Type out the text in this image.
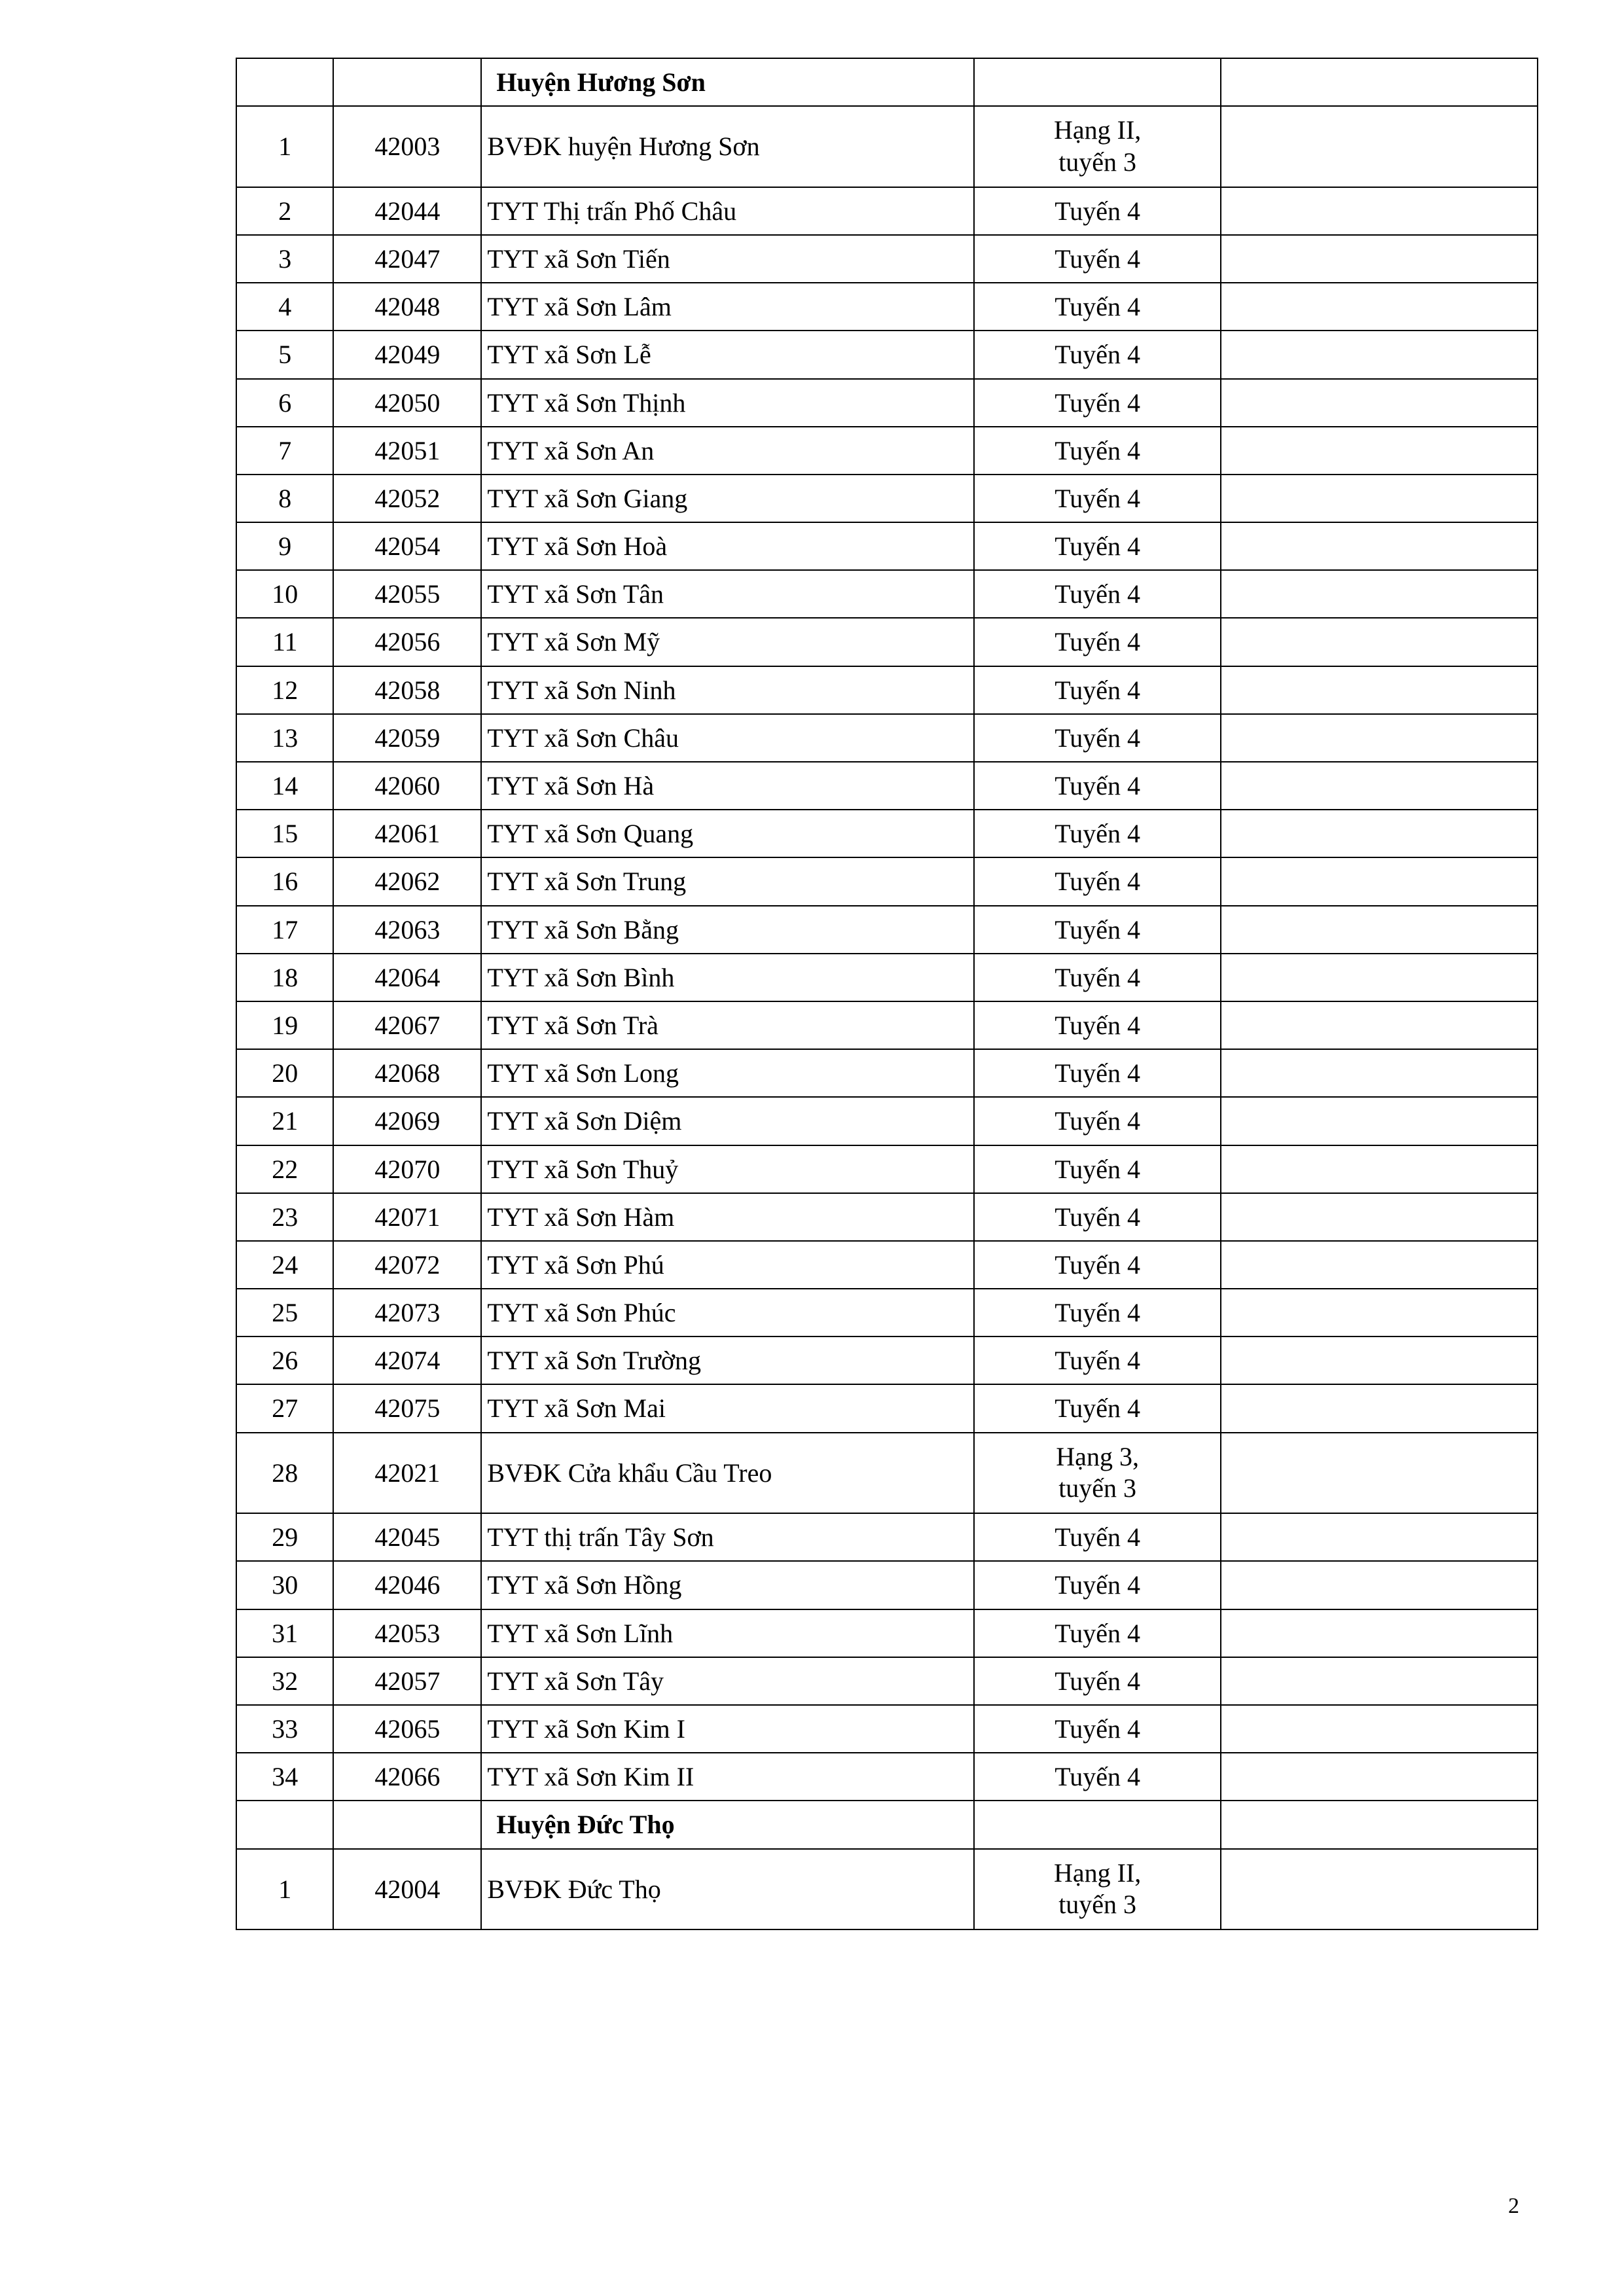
		Huyện Hương Sơn		
1	42003	BVĐK huyện Hương Sơn	Hạng II,
tuyến 3	
2	42044	TYT Thị trấn Phố Châu	Tuyến 4	
3	42047	TYT xã Sơn Tiến	Tuyến 4	
4	42048	TYT xã Sơn Lâm	Tuyến 4	
5	42049	TYT xã Sơn Lễ	Tuyến 4	
6	42050	TYT xã Sơn Thịnh	Tuyến 4	
7	42051	TYT xã Sơn An	Tuyến 4	
8	42052	TYT xã Sơn Giang	Tuyến 4	
9	42054	TYT xã Sơn Hoà	Tuyến 4	
10	42055	TYT xã Sơn Tân	Tuyến 4	
11	42056	TYT xã Sơn Mỹ	Tuyến 4	
12	42058	TYT xã Sơn Ninh	Tuyến 4	
13	42059	TYT xã Sơn Châu	Tuyến 4	
14	42060	TYT xã Sơn Hà	Tuyến 4	
15	42061	TYT xã Sơn Quang	Tuyến 4	
16	42062	TYT xã Sơn Trung	Tuyến 4	
17	42063	TYT xã Sơn Bằng	Tuyến 4	
18	42064	TYT xã Sơn Bình	Tuyến 4	
19	42067	TYT xã Sơn Trà	Tuyến 4	
20	42068	TYT xã Sơn Long	Tuyến 4	
21	42069	TYT xã Sơn Diệm	Tuyến 4	
22	42070	TYT xã Sơn Thuỷ	Tuyến 4	
23	42071	TYT xã Sơn Hàm	Tuyến 4	
24	42072	TYT xã Sơn Phú	Tuyến 4	
25	42073	TYT xã Sơn Phúc	Tuyến 4	
26	42074	TYT xã Sơn Trường	Tuyến 4	
27	42075	TYT xã Sơn Mai	Tuyến 4	
28	42021	BVĐK Cửa khẩu Cầu Treo	Hạng 3,
tuyến 3	
29	42045	TYT thị trấn Tây Sơn	Tuyến 4	
30	42046	TYT xã Sơn Hồng	Tuyến 4	
31	42053	TYT xã Sơn Lĩnh	Tuyến 4	
32	42057	TYT xã Sơn Tây	Tuyến 4	
33	42065	TYT xã Sơn Kim I	Tuyến 4	
34	42066	TYT xã Sơn Kim II	Tuyến 4	
		Huyện Đức Thọ		
1	42004	BVĐK Đức Thọ	Hạng II,
tuyến 3	
2
